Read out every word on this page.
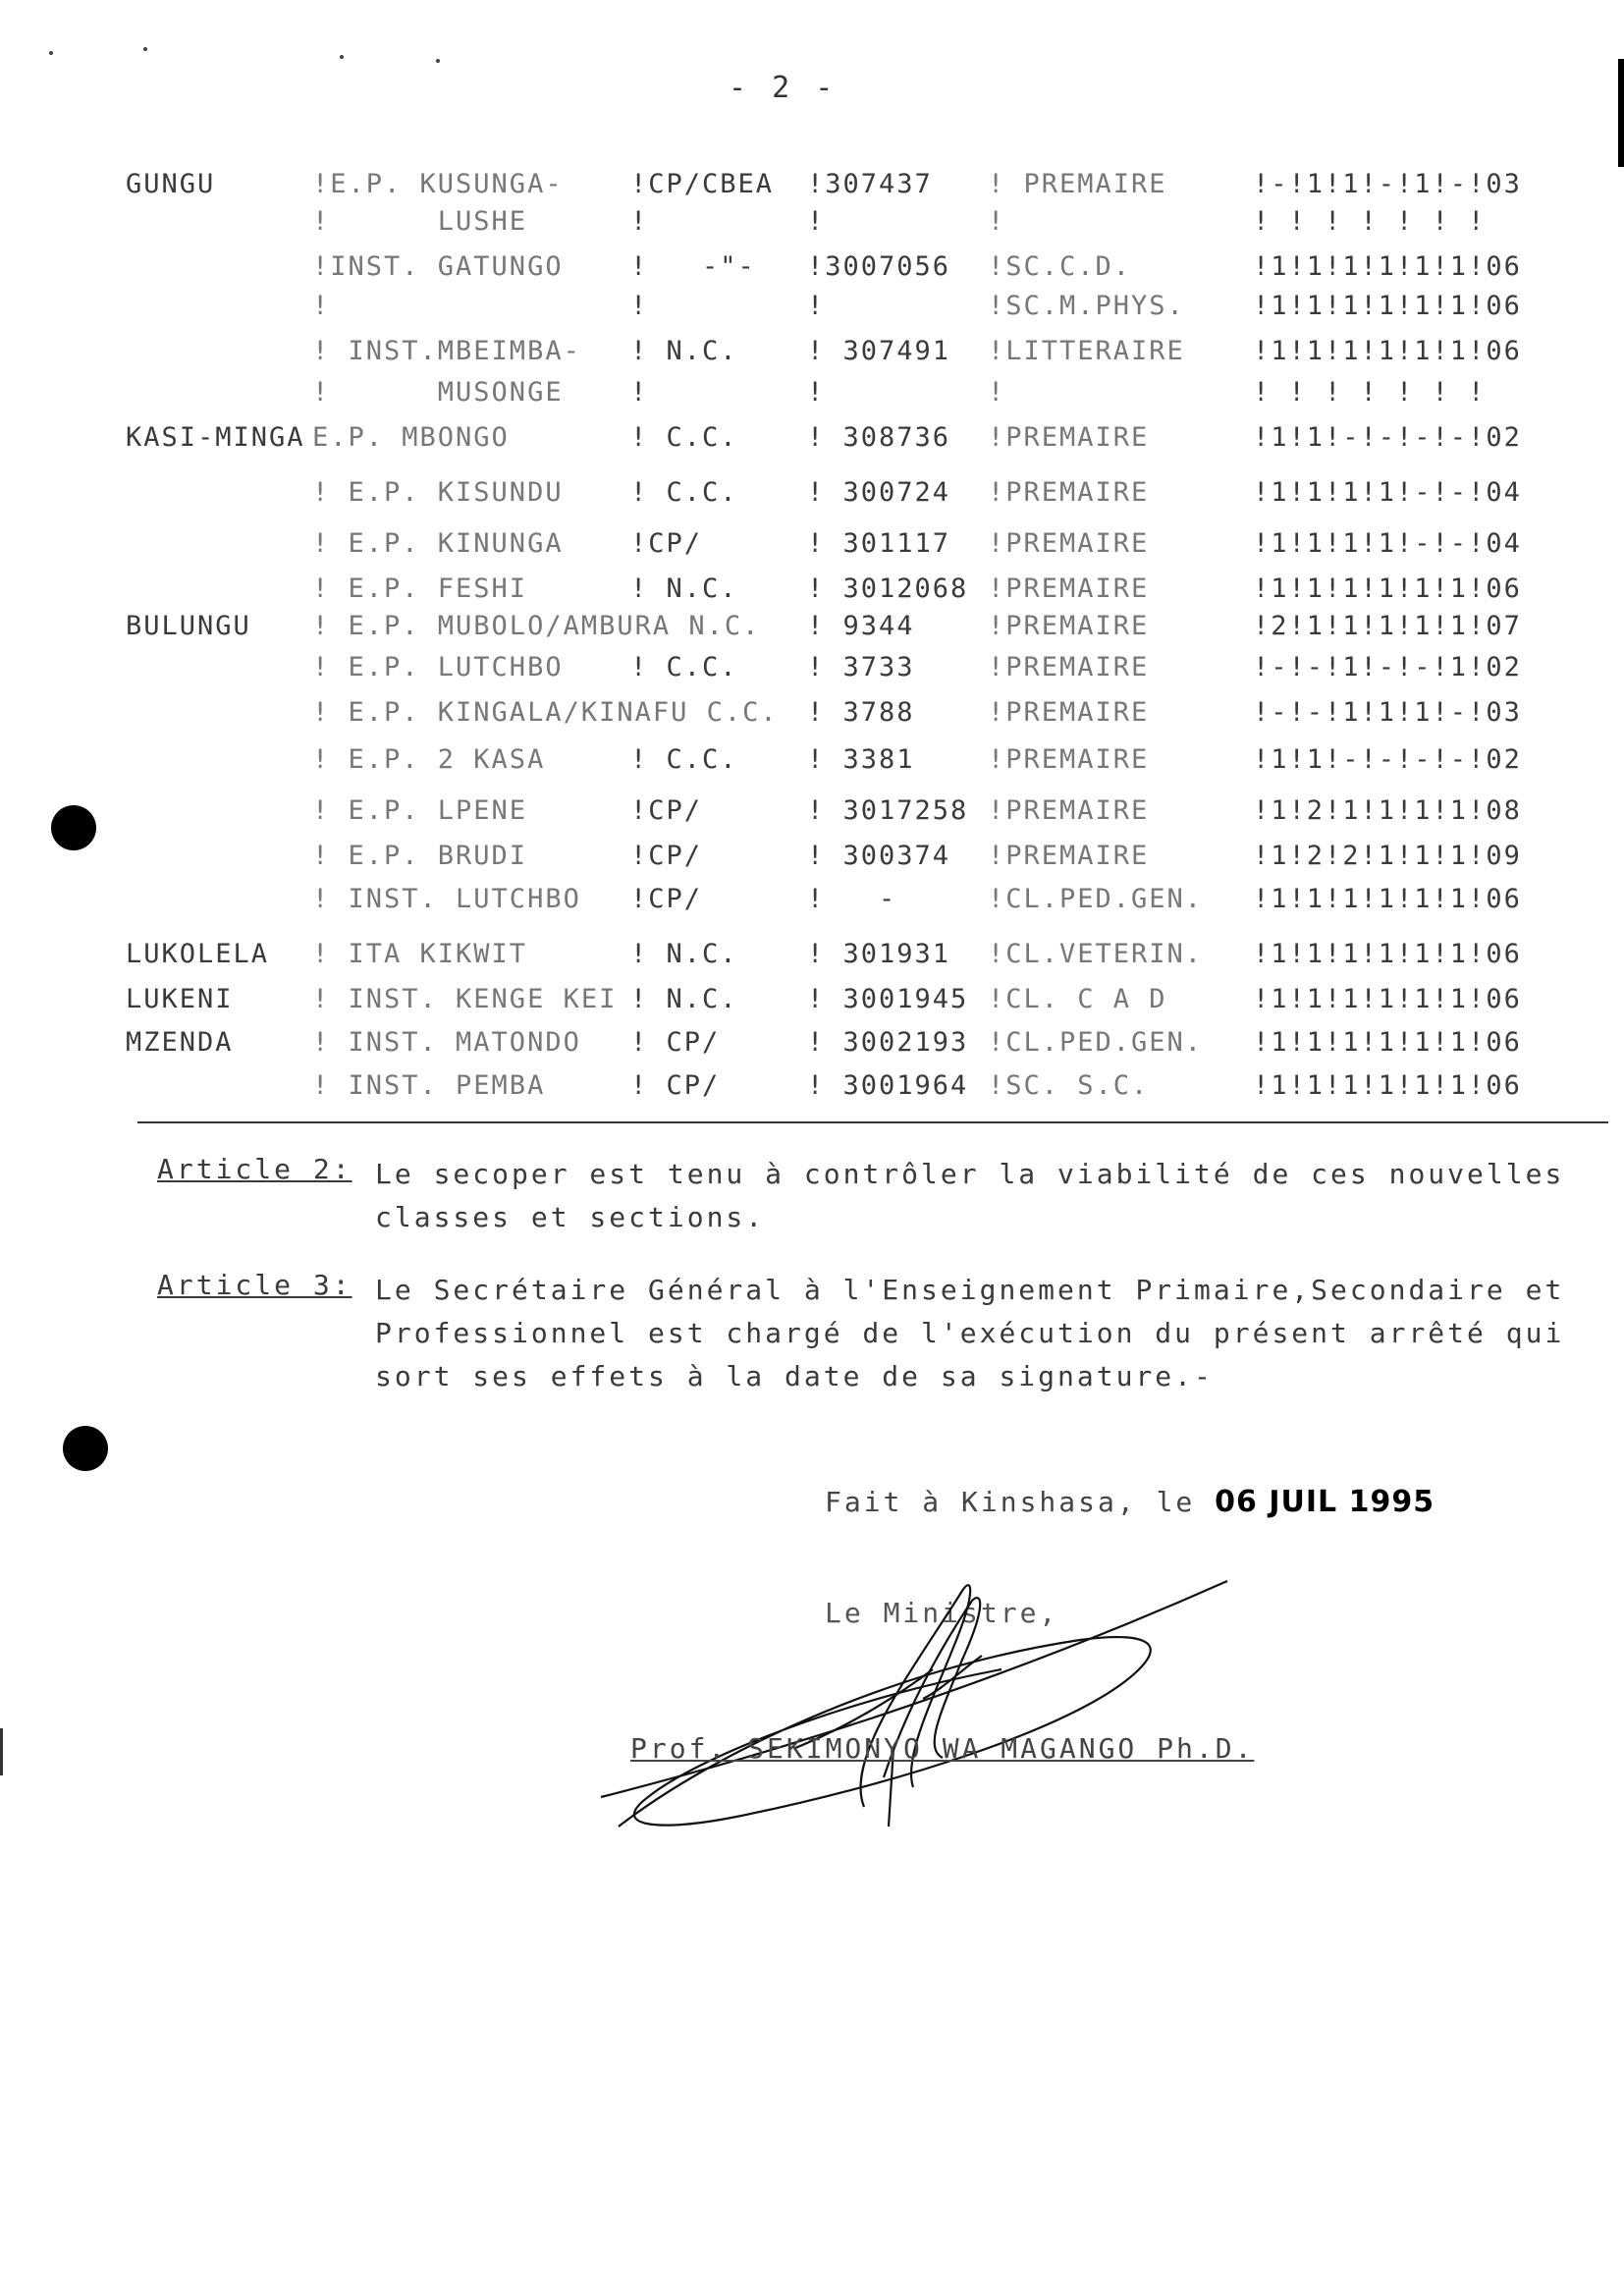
- 2 -
GUNGU	!E.P. KUSUNGA-	!CP/CBEA !307437 ! PREMAIRE	!-!1!1!-!1!-!03
!      LUSHE	!	!	!	! ! ! ! ! ! !
!INST. GATUNGO	!   -"- !3007056 !SC.C.D.	!1!1!1!1!1!1!06
!	!	!	!SC.M.PHYS.	!1!1!1!1!1!1!06
! INST.MBEIMBA- ! N.C.	! 307491 !LITTERAIRE	!1!1!1!1!1!1!06
!      MUSONGE	!	!	!	! ! ! ! ! ! !
KASI-MINGA E.P. MBONGO	! C.C.	! 308736 !PREMAIRE	!1!1!-!-!-!-!02
! E.P. KISUNDU	! C.C.	! 300724 !PREMAIRE	!1!1!1!1!-!-!04
! E.P. KINUNGA	!CP/	! 301117 !PREMAIRE	!1!1!1!1!-!-!04
! E.P. FESHI	! N.C.	! 3012068 !PREMAIRE	!1!1!1!1!1!1!06
BULUNGU ! E.P. MUBOLO/AMBURA N.C. ! 9344	!PREMAIRE	!2!1!1!1!1!1!07
! E.P. LUTCHBO	! C.C.	! 3733	!PREMAIRE	!-!-!1!-!-!1!02
! E.P. KINGALA/KINAFU C.C. ! 3788	!PREMAIRE	!-!-!1!1!1!-!03
! E.P. 2 KASA	! C.C.	! 3381	!PREMAIRE	!1!1!-!-!-!-!02
! E.P. LPENE	!CP/	! 3017258 !PREMAIRE	!1!2!1!1!1!1!08
! E.P. BRUDI	!CP/	! 300374 !PREMAIRE	!1!2!2!1!1!1!09
! INST. LUTCHBO !CP/	!   -	!CL.PED.GEN. !1!1!1!1!1!1!06
LUKOLELA ! ITA KIKWIT	! N.C.	! 301931 !CL.VETERIN. !1!1!1!1!1!1!06
LUKENI	! INST. KENGE KEI ! N.C.	! 3001945 !CL. C A D	!1!1!1!1!1!1!06
MZENDA	! INST. MATONDO ! CP/	! 3002193 !CL.PED.GEN. !1!1!1!1!1!1!06
! INST. PEMBA	! CP/	! 3001964 !SC. S.C.	!1!1!1!1!1!1!06
Article 2: Le secoper est tenu à contrôler la viabilité de ces nouvelles classes et sections.
Article 3: Le Secrétaire Général à l'Enseignement Primaire,Secondaire et Professionnel est chargé de l'exécution du présent arrêté qui sort ses effets à la date de sa signature.-
Fait à Kinshasa, le 06 JUIL 1995
Le Ministre,
Prof. SEKIMONYO WA MAGANGO Ph.D.
